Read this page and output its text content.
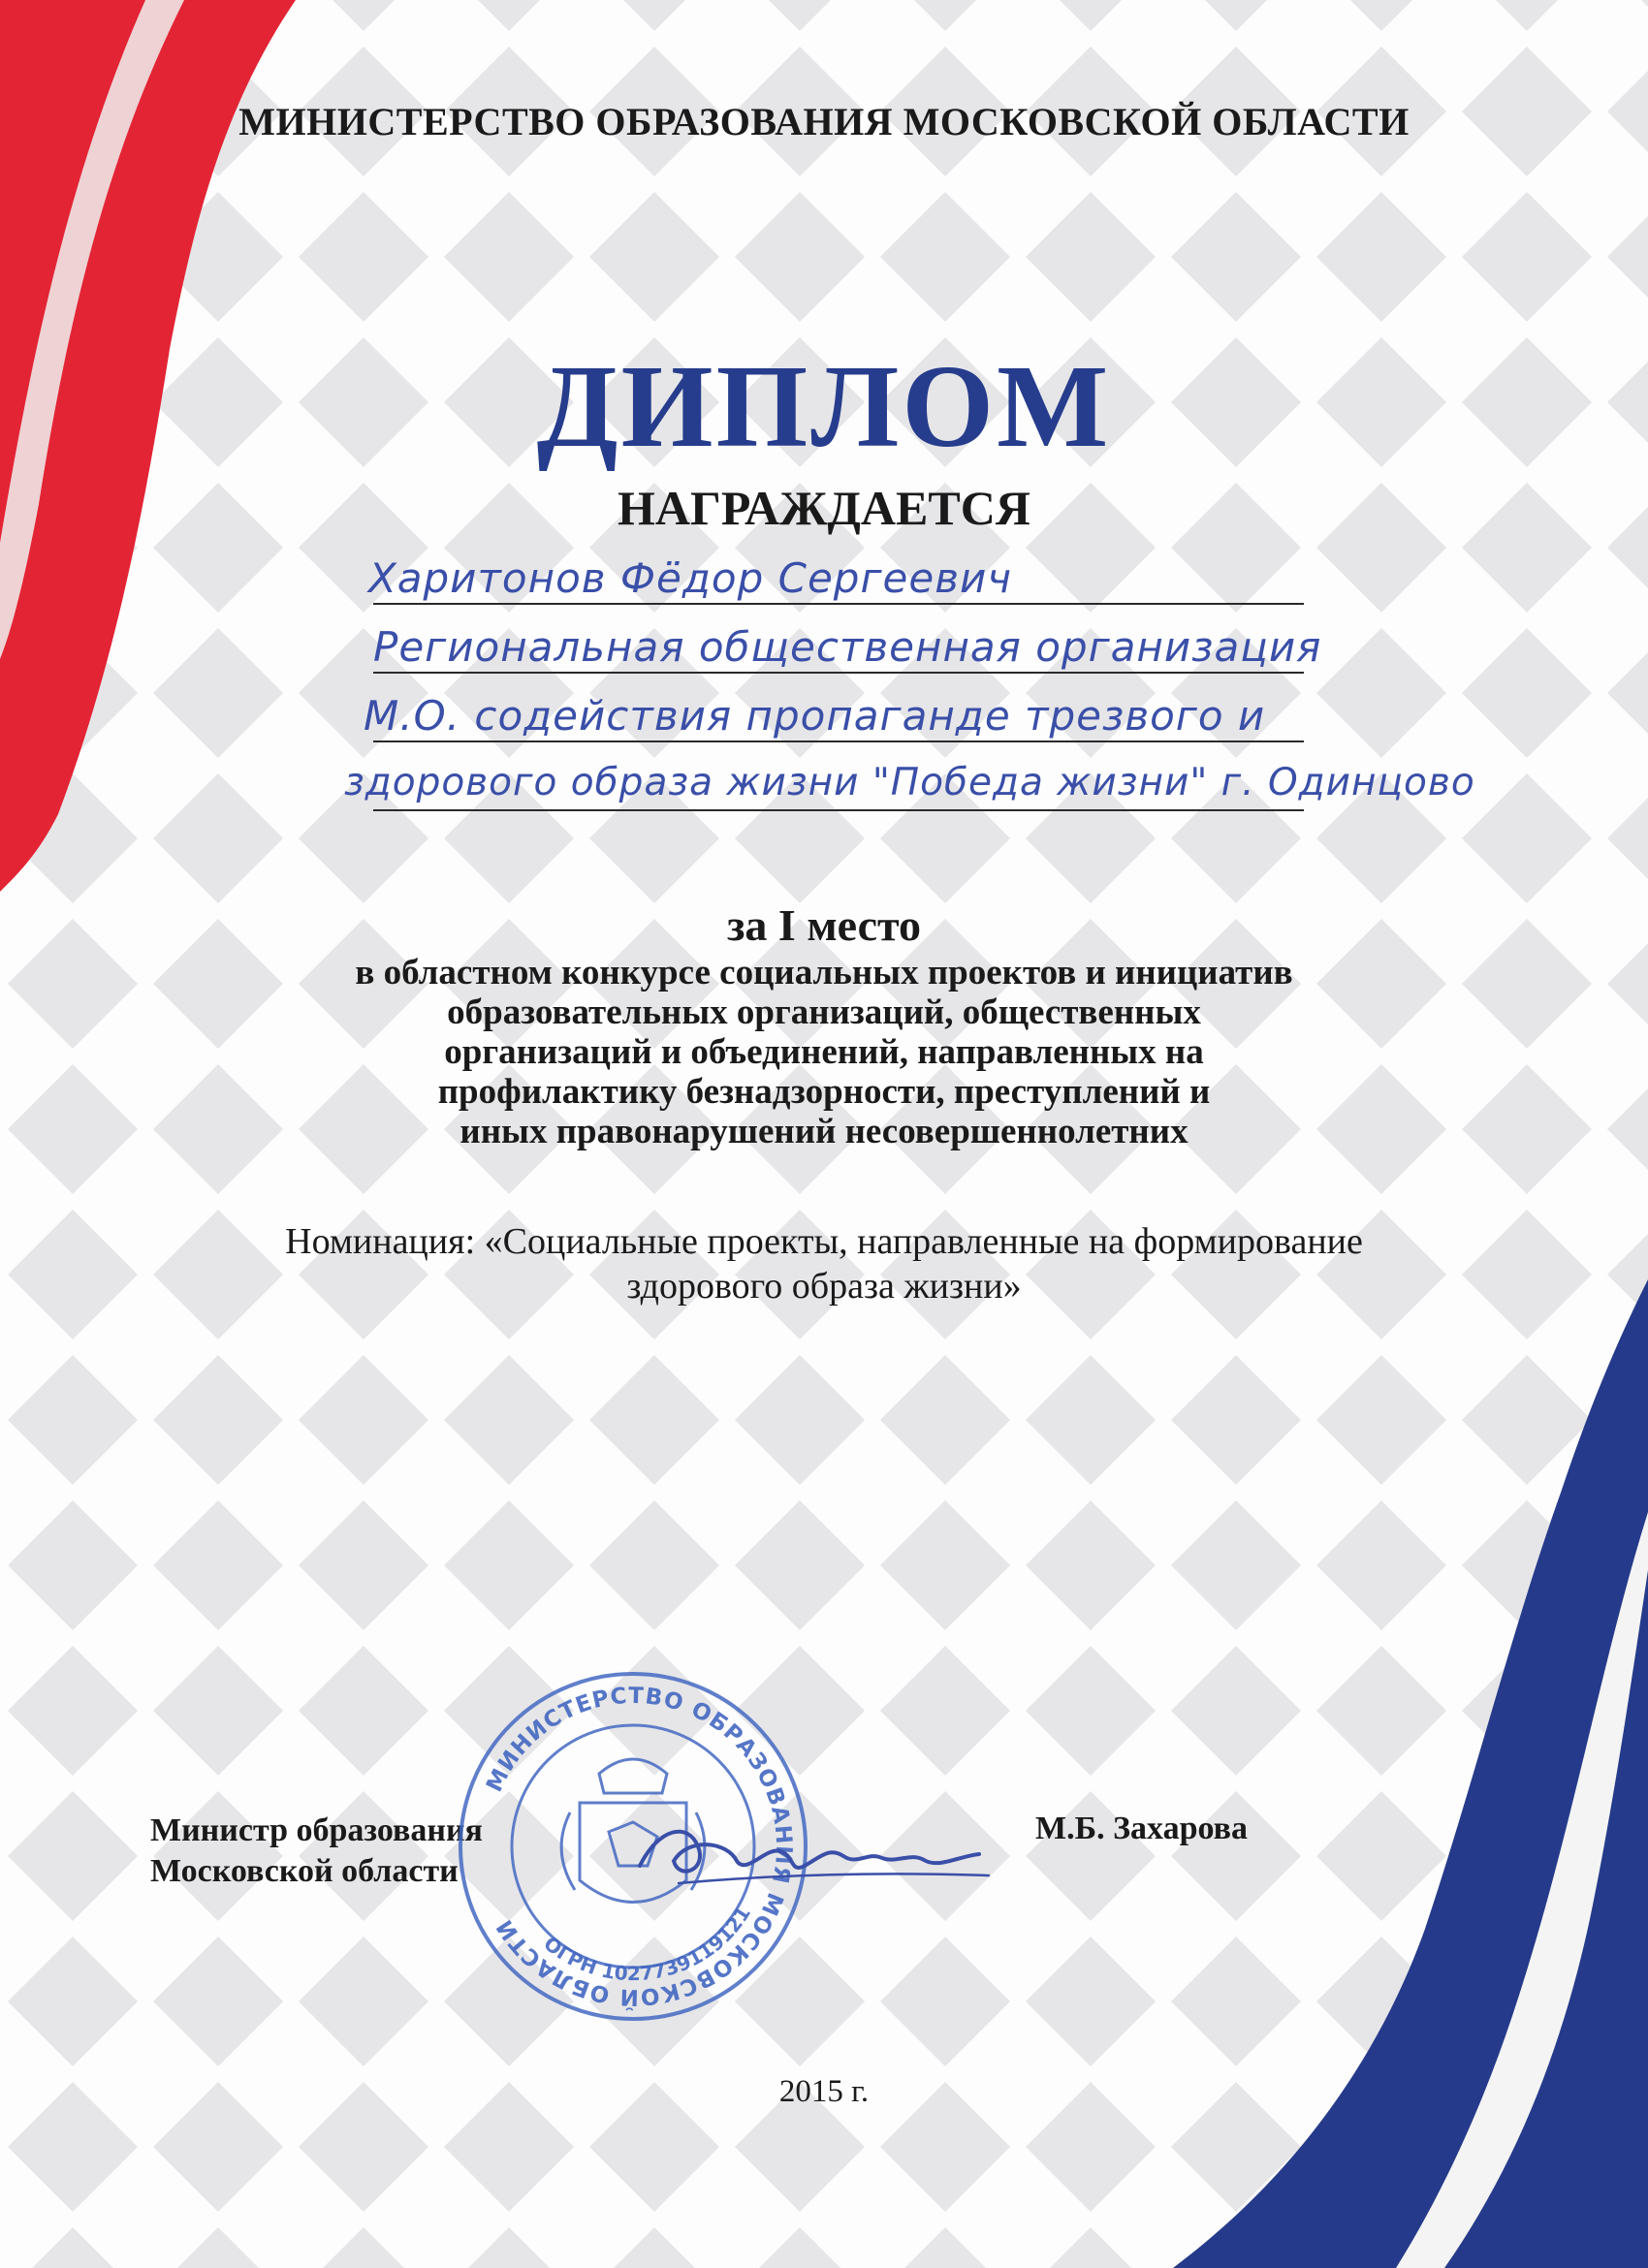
МИНИСТЕРСТВО ОБРАЗОВАНИЯ МОСКОВСКОЙ ОБЛАСТИ
ДИПЛОМ
НАГРАЖДАЕТСЯ
Харитонов Фёдор Сергеевич
Региональная общественная организация
М.О. содействия пропаганде трезвого и
здорового образа жизни "Победа жизни" г. Одинцово
за I место
в областном конкурсе социальных проектов и инициатив
образовательных организаций, общественных
организаций и объединений, направленных на
профилактику безнадзорности, преступлений и
иных правонарушений несовершеннолетних
Номинация: «Социальные проекты, направленные на формирование
здорового образа жизни»
Министр образования
Московской области
М.Б. Захарова
МИНИСТЕРСТВО ОБРАЗОВАНИЯ МОСКОВСКОЙ ОБЛАСТИ
ОГРН 1027739119121
2015 г.
